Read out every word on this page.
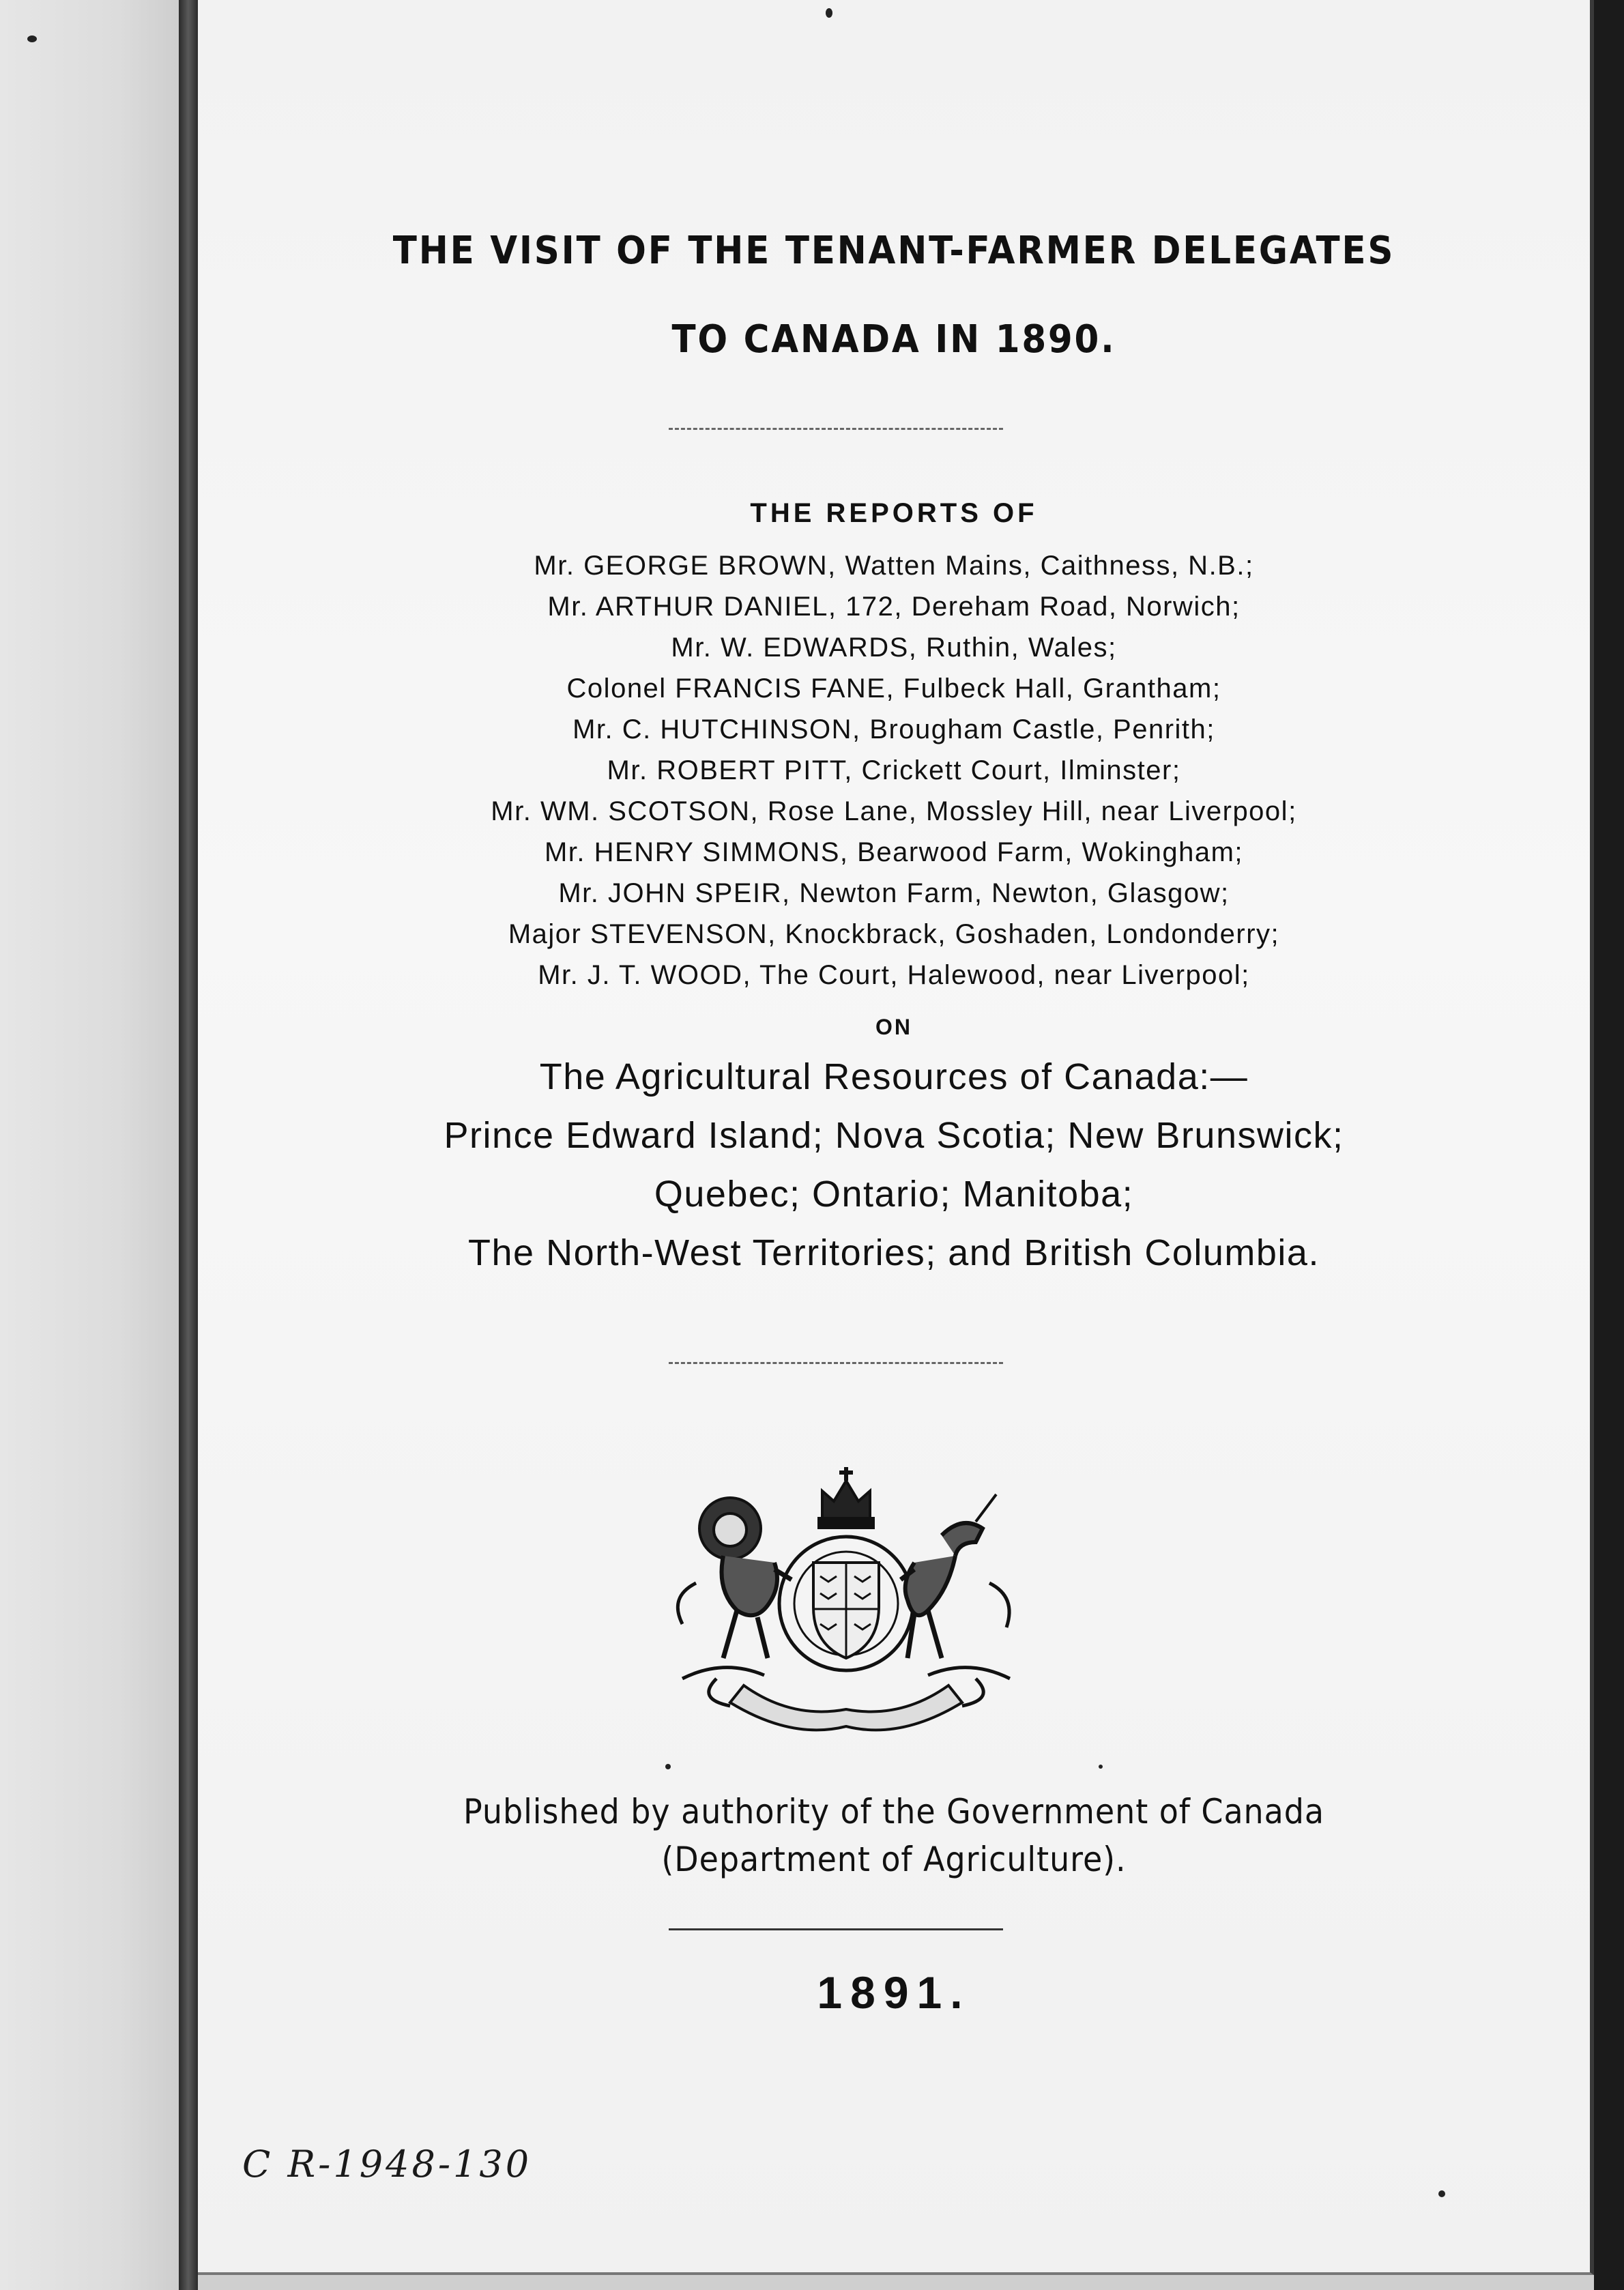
THE VISIT OF THE TENANT-FARMER DELEGATES
TO CANADA IN 1890.
THE REPORTS OF
Mr. GEORGE BROWN, Watten Mains, Caithness, N.B.;
Mr. ARTHUR DANIEL, 172, Dereham Road, Norwich;
Mr. W. EDWARDS, Ruthin, Wales;
Colonel FRANCIS FANE, Fulbeck Hall, Grantham;
Mr. C. HUTCHINSON, Brougham Castle, Penrith;
Mr. ROBERT PITT, Crickett Court, Ilminster;
Mr. WM. SCOTSON, Rose Lane, Mossley Hill, near Liverpool;
Mr. HENRY SIMMONS, Bearwood Farm, Wokingham;
Mr. JOHN SPEIR, Newton Farm, Newton, Glasgow;
Major STEVENSON, Knockbrack, Goshaden, Londonderry;
Mr. J. T. WOOD, The Court, Halewood, near Liverpool;
ON
The Agricultural Resources of Canada:—
Prince Edward Island; Nova Scotia; New Brunswick;
Quebec; Ontario; Manitoba;
The North-West Territories; and British Columbia.
Published by authority of the Government of Canada
(Department of Agriculture).
1891.
C R-1948-130
